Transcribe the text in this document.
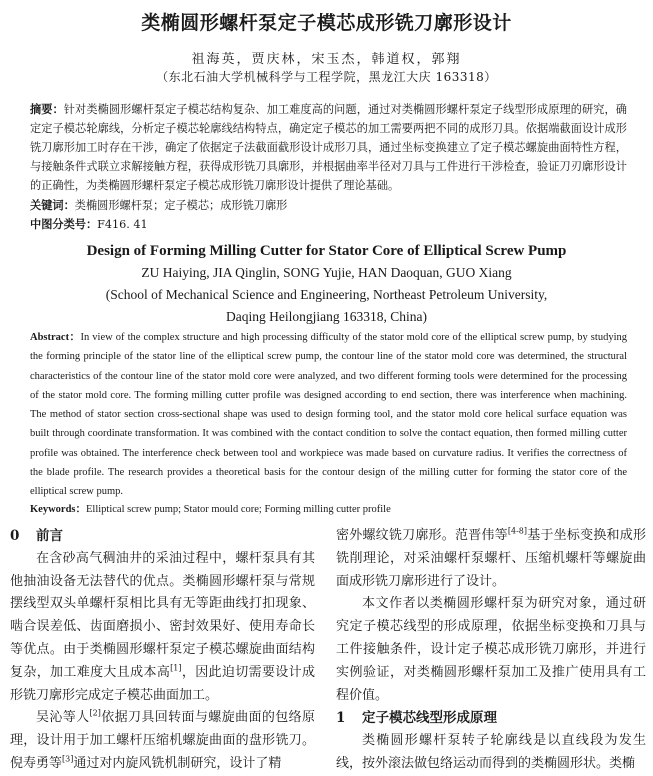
类椭圆形螺杆泵定子模芯成形铣刀廓形设计
祖海英，贾庆林，宋玉杰，韩道权，郭翔
（东北石油大学机械科学与工程学院，黑龙江大庆 163318）
摘要：针对类椭圆形螺杆泵定子模芯结构复杂、加工难度高的问题，通过对类椭圆形螺杆泵定子线型形成原理的研究，确定定子模芯轮廓线，分析定子模芯轮廓线结构特点，确定定子模芯的加工需要两把不同的成形刀具。依据端截面设计成形铣刀廓形加工时存在干涉，确定了依据定子法截面截形设计成形刀具，通过坐标变换建立了定子模芯螺旋曲面特性方程，与接触条件式联立求解接触方程，获得成形铣刀具廓形，并根据曲率半径对刀具与工件进行干涉检查，验证刀刃廓形设计的正确性，为类椭圆形螺杆泵定子模芯成形铣刀廓形设计提供了理论基础。
关键词：类椭圆形螺杆泵；定子模芯；成形铣刀廓形
中图分类号：F416. 41
Design of Forming Milling Cutter for Stator Core of Elliptical Screw Pump
ZU Haiying, JIA Qinglin, SONG Yujie, HAN Daoquan, GUO Xiang
(School of Mechanical Science and Engineering, Northeast Petroleum University,
Daqing Heilongjiang 163318, China)
Abstract：In view of the complex structure and high processing difficulty of the stator mold core of the elliptical screw pump, by studying the forming principle of the stator line of the elliptical screw pump, the contour line of the stator mold core was determined, the structural characteristics of the contour line of the stator mold core were analyzed, and two different forming tools were determined for the processing of the stator mold core. The forming milling cutter profile was designed according to end section, there was interference when machining. The method of stator section cross-sectional shape was used to design forming tool, and the stator mold core helical surface equation was built through coordinate transformation. It was combined with the contact condition to solve the contact equation, then formed milling cutter profile was obtained. The interference check between tool and workpiece was made based on curvature radius. It verifies the correctness of the blade profile. The research provides a theoretical basis for the contour design of the milling cutter for forming the stator core of the elliptical screw pump.
Keywords：Elliptical screw pump; Stator mould core; Forming milling cutter profile

0 前言

在含砂高气稠油井的采油过程中，螺杆泵具有其他抽油设备无法替代的优点。类椭圆形螺杆泵与常规摆线型双头单螺杆泵相比具有无等距曲线打扣现象、啮合误差低、齿面磨损小、密封效果好、使用寿命长等优点。由于类椭圆形螺杆泵定子模芯螺旋曲面结构复杂，加工难度大且成本高[1]，因此迫切需要设计成形铣刀廓形完成定子模芯曲面加工。

吴沁等人[2]依据刀具回转面与螺旋曲面的包络原理，设计用于加工螺杆压缩机螺旋曲面的盘形铣刀。倪寿勇等[3]通过对内旋风铣机制研究，设计了精

密外螺纹铣刀廓形。范晋伟等[4-8]基于坐标变换和成形铣削理论，对采油螺杆泵螺杆、压缩机螺杆等螺旋曲面成形铣刀廓形进行了设计。

本文作者以类椭圆形螺杆泵为研究对象，通过研究定子模芯线型的形成原理，依据坐标变换和刀具与工件接触条件，设计定子模芯成形铣刀廓形，并进行实例验证，对类椭圆形螺杆泵加工及推广使用具有工程价值。

1 定子模芯线型形成原理

类椭圆形螺杆泵转子轮廓线是以直线段为发生线，按外滚法做包络运动而得到的类椭圆形状。类椭
